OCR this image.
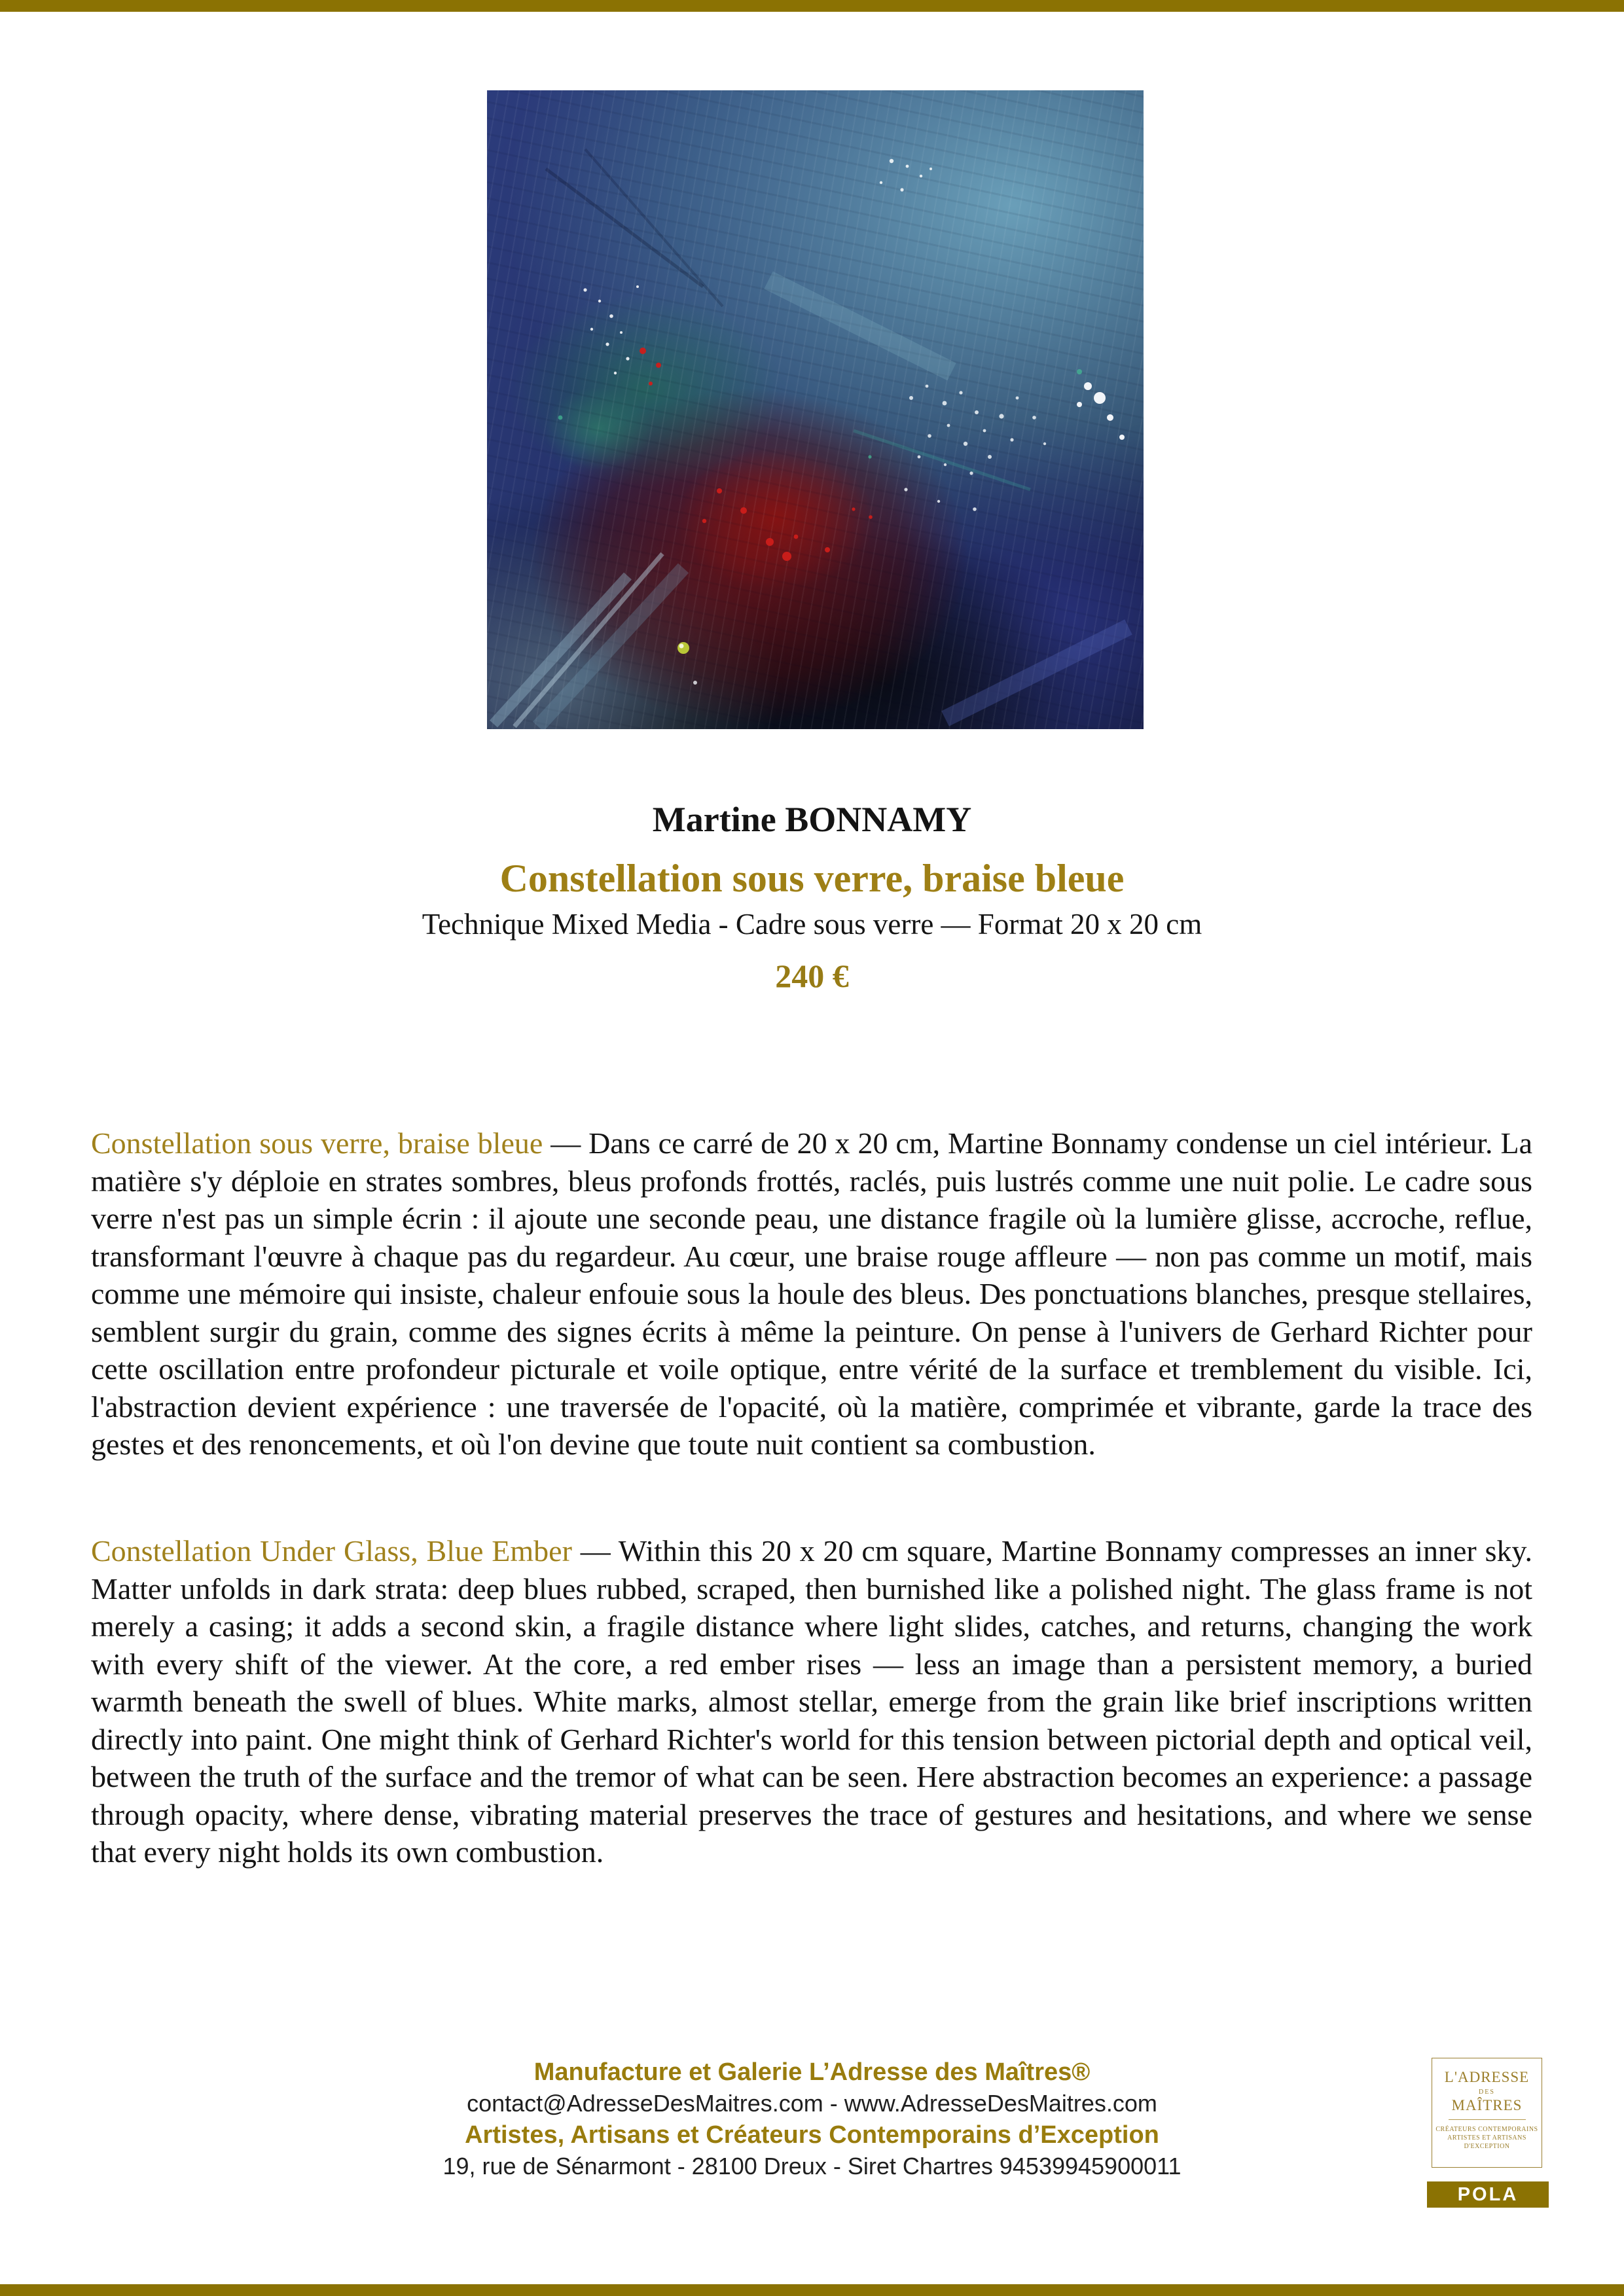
Martine BONNAMY
Constellation sous verre, braise bleue
Technique Mixed Media - Cadre sous verre — Format 20 x 20 cm
240 €

Constellation sous verre, braise bleue — Dans ce carré de 20 x 20 cm, Martine Bonnamy condense un ciel intérieur. La matière s'y déploie en strates sombres, bleus profonds frottés, raclés, puis lustrés comme une nuit polie. Le cadre sous verre n'est pas un simple écrin : il ajoute une seconde peau, une distance fragile où la lumière glisse, accroche, reflue, transformant l'œuvre à chaque pas du regardeur. Au cœur, une braise rouge affleure — non pas comme un motif, mais comme une mémoire qui insiste, chaleur enfouie sous la houle des bleus. Des ponctuations blanches, presque stellaires, semblent surgir du grain, comme des signes écrits à même la peinture. On pense à l'univers de Gerhard Richter pour cette oscillation entre profondeur picturale et voile optique, entre vérité de la surface et tremblement du visible. Ici, l'abstraction devient expérience : une traversée de l'opacité, où la matière, comprimée et vibrante, garde la trace des gestes et des renoncements, et où l'on devine que toute nuit contient sa combustion.

Constellation Under Glass, Blue Ember — Within this 20 x 20 cm square, Martine Bonnamy compresses an inner sky. Matter unfolds in dark strata: deep blues rubbed, scraped, then burnished like a polished night. The glass frame is not merely a casing; it adds a second skin, a fragile distance where light slides, catches, and returns, changing the work with every shift of the viewer. At the core, a red ember rises — less an image than a persistent memory, a buried warmth beneath the swell of blues. White marks, almost stellar, emerge from the grain like brief inscriptions written directly into paint. One might think of Gerhard Richter's world for this tension between pictorial depth and optical veil, between the truth of the surface and the tremor of what can be seen. Here abstraction becomes an experience: a passage through opacity, where dense, vibrating material preserves the trace of gestures and hesitations, and where we sense that every night holds its own combustion.

Manufacture et Galerie L’Adresse des Maîtres®
contact@AdresseDesMaitres.com - www.AdresseDesMaitres.com
Artistes, Artisans et Créateurs Contemporains d’Exception
19, rue de Sénarmont - 28100 Dreux - Siret Chartres 94539945900011
L'ADRESSE
DES
MAÎTRES
CRÉATEURS CONTEMPORAINS
ARTISTES ET ARTISANS
D'EXCEPTION
POLA
